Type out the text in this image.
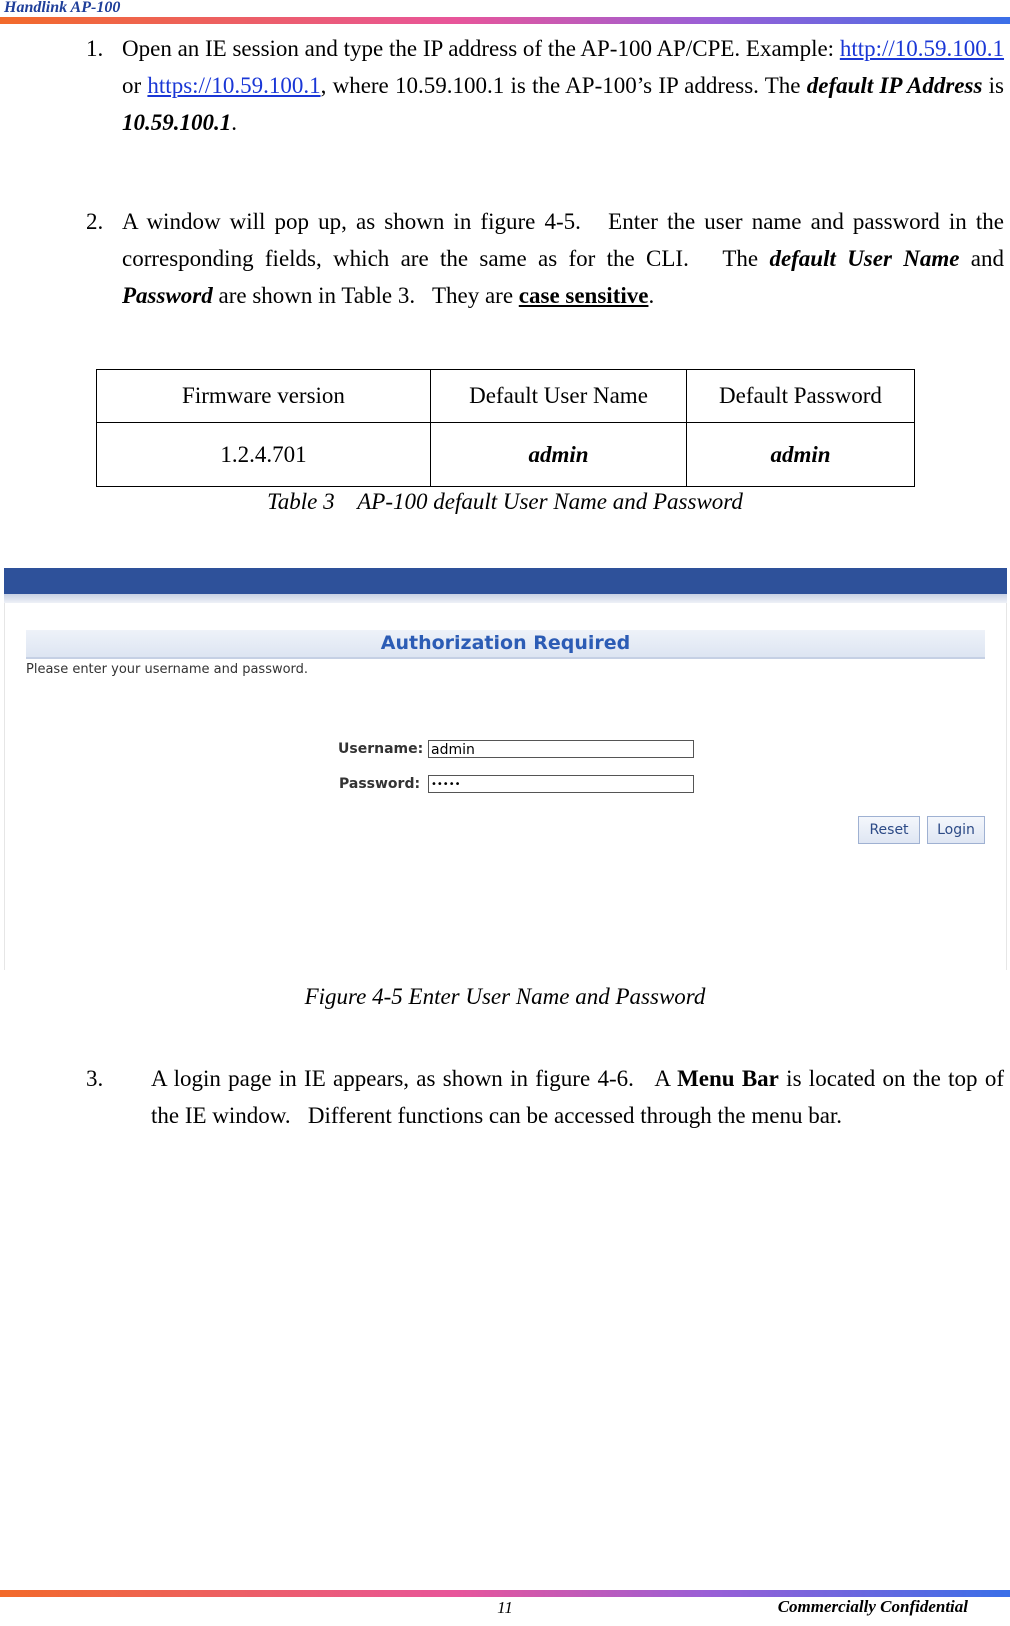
Handlink AP-100
1. Open an IE session and type the IP address of the AP-100 AP/CPE. Example: http://10.59.100.1 or https://10.59.100.1, where 10.59.100.1 is the AP-100’s IP address. The default IP Address is 10.59.100.1.

2. A window will pop up, as shown in figure 4-5.   Enter the user name and password in the corresponding fields, which are the same as for the CLI.   The default User Name and Password are shown in Table 3.   They are case sensitive.

Firmware version	Default User Name	Default Password
1.2.4.701	admin	admin
Table 3    AP-100 default User Name and Password
Authorization Required
Please enter your username and password.
Username: admin
Password:	•••••
Reset	Login
Figure 4-5 Enter User Name and Password
3. A login page in IE appears, as shown in figure 4-6.   A Menu Bar is located on the top of the IE window.   Different functions can be accessed through the menu bar.

11	Commercially Confidential
